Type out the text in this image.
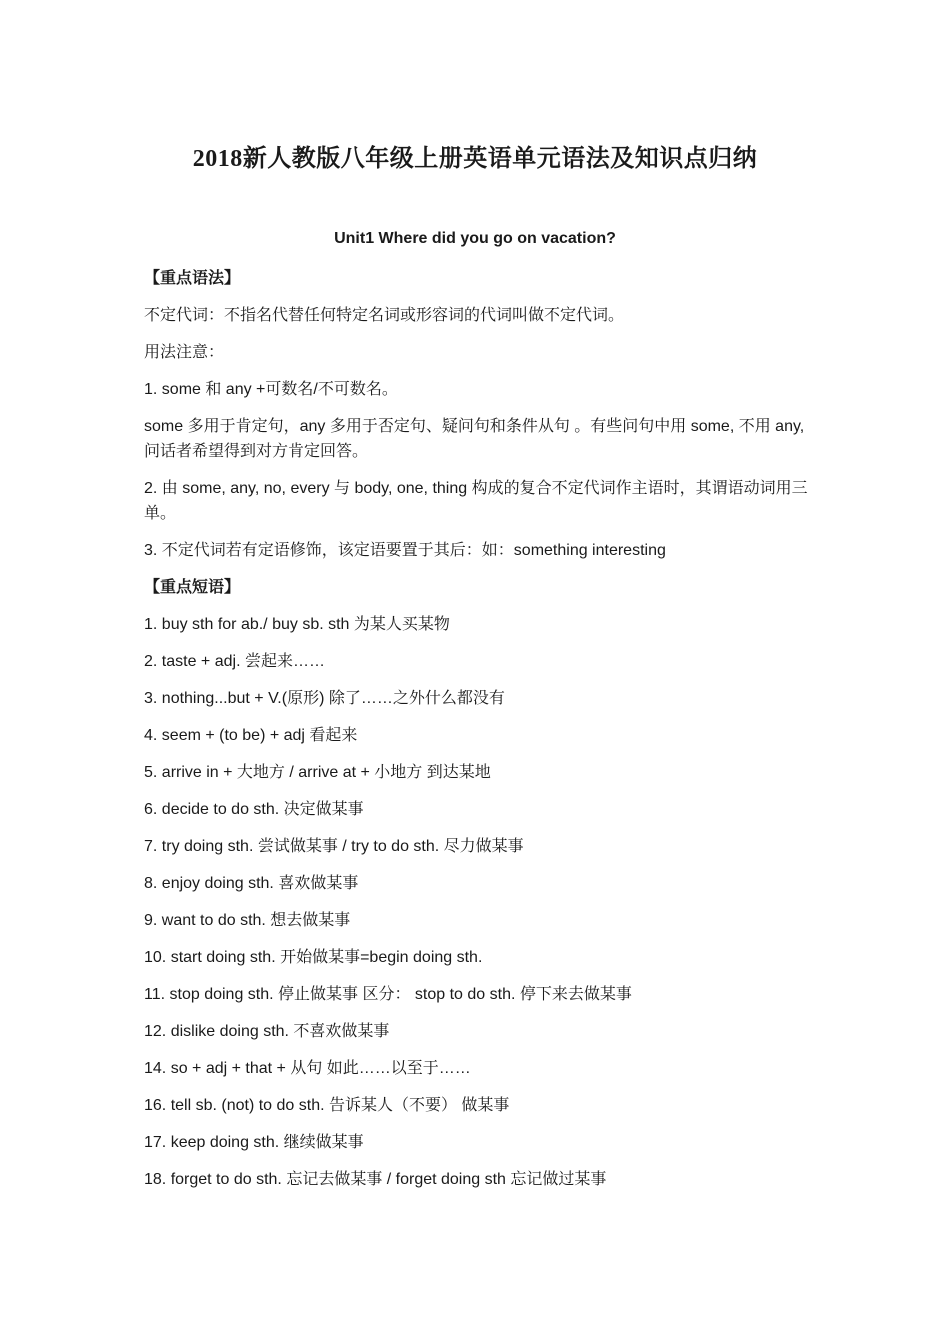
2018新人教版八年级上册英语单元语法及知识点归纳
Unit1 Where did you go on vacation?

【重点语法】

不定代词：不指名代替任何特定名词或形容词的代词叫做不定代词。

用法注意：

1. some 和 any +可数名/不可数名。

some 多用于肯定句，any 多用于否定句、疑问句和条件从句 。有些问句中用 some, 不用 any, 问话者希望得到对方肯定回答。

2. 由 some, any, no, every 与 body, one, thing 构成的复合不定代词作主语时，其谓语动词用三单。

3. 不定代词若有定语修饰，该定语要置于其后：如：something interesting

【重点短语】

1. buy sth for ab./ buy sb. sth 为某人买某物

2. taste + adj. 尝起来……

3. nothing...but + V.(原形) 除了……之外什么都没有

4. seem + (to be) + adj 看起来

5. arrive in + 大地方 / arrive at + 小地方 到达某地

6. decide to do sth. 决定做某事

7. try doing sth. 尝试做某事 / try to do sth. 尽力做某事

8. enjoy doing sth. 喜欢做某事

9. want to do sth. 想去做某事

10. start doing sth. 开始做某事=begin doing sth.

11. stop doing sth. 停止做某事 区分： stop to do sth. 停下来去做某事

12. dislike doing sth. 不喜欢做某事

14. so + adj + that + 从句 如此……以至于……

16. tell sb. (not) to do sth. 告诉某人（不要） 做某事

17. keep doing sth. 继续做某事

18. forget to do sth. 忘记去做某事 / forget doing sth 忘记做过某事
